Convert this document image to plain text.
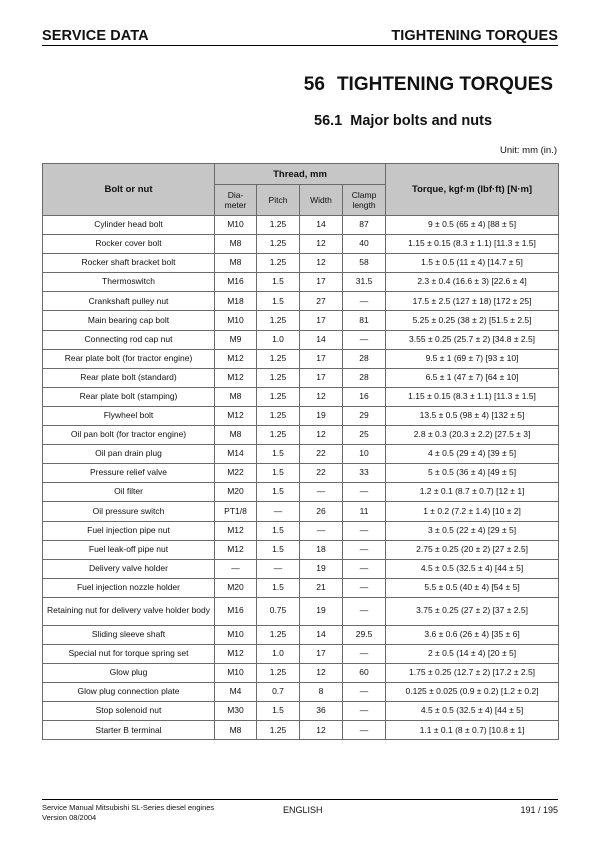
SERVICE DATA	TIGHTENING TORQUES
56 TIGHTENING TORQUES
56.1 Major bolts and nuts
Unit: mm (in.)
Bolt or nut	Thread, mm				Torque, kgf·m (lbf·ft) [N·m]
	Dia-
meter	Pitch	Width	Clamp
length	
Cylinder head bolt	M10	1.25	14	87	9 ± 0.5 (65 ± 4) [88 ± 5]
Rocker cover bolt	M8	1.25	12	40	1.15 ± 0.15 (8.3 ± 1.1) [11.3 ± 1.5]
Rocker shaft bracket bolt	M8	1.25	12	58	1.5 ± 0.5 (11 ± 4) [14.7 ± 5]
Thermoswitch	M16	1.5	17	31.5	2.3 ± 0.4 (16.6 ± 3) [22.6 ± 4]
Crankshaft pulley nut	M18	1.5	27	—	17.5 ± 2.5 (127 ± 18) [172 ± 25]
Main bearing cap bolt	M10	1.25	17	81	5.25 ± 0.25 (38 ± 2) [51.5 ± 2.5]
Connecting rod cap nut	M9	1.0	14	—	3.55 ± 0.25 (25.7 ± 2) [34.8 ± 2.5]
Rear plate bolt (for tractor engine)	M12	1.25	17	28	9.5 ± 1 (69 ± 7) [93 ± 10]
Rear plate bolt (standard)	M12	1.25	17	28	6.5 ± 1 (47 ± 7) [64 ± 10]
Rear plate bolt (stamping)	M8	1.25	12	16	1.15 ± 0.15 (8.3 ± 1.1) [11.3 ± 1.5]
Flywheel bolt	M12	1.25	19	29	13.5 ± 0.5 (98 ± 4) [132 ± 5]
Oil pan bolt (for tractor engine)	M8	1.25	12	25	2.8 ± 0.3 (20.3 ± 2.2) [27.5 ± 3]
Oil pan drain plug	M14	1.5	22	10	4 ± 0.5 (29 ± 4) [39 ± 5]
Pressure relief valve	M22	1.5	22	33	5 ± 0.5 (36 ± 4) [49 ± 5]
Oil filter	M20	1.5	—	—	1.2 ± 0.1 (8.7 ± 0.7) [12 ± 1]
Oil pressure switch	PT1/8	—	26	11	1 ± 0.2 (7.2 ± 1.4) [10 ± 2]
Fuel injection pipe nut	M12	1.5	—	—	3 ± 0.5 (22 ± 4) [29 ± 5]
Fuel leak-off pipe nut	M12	1.5	18	—	2.75 ± 0.25 (20 ± 2) [27 ± 2.5]
Delivery valve holder	—	—	19	—	4.5 ± 0.5 (32.5 ± 4) [44 ± 5]
Fuel injection nozzle holder	M20	1.5	21	—	5.5 ± 0.5 (40 ± 4) [54 ± 5]
Retaining nut for delivery valve holder body	M16	0.75	19	—	3.75 ± 0.25 (27 ± 2) [37 ± 2.5]
Sliding sleeve shaft	M10	1.25	14	29.5	3.6 ± 0.6 (26 ± 4) [35 ± 6]
Special nut for torque spring set	M12	1.0	17	—	2 ± 0.5 (14 ± 4) [20 ± 5]
Glow plug	M10	1.25	12	60	1.75 ± 0.25 (12.7 ± 2) [17.2 ± 2.5]
Glow plug connection plate	M4	0.7	8	—	0.125 ± 0.025 (0.9 ± 0.2) [1.2 ± 0.2]
Stop solenoid nut	M30	1.5	36	—	4.5 ± 0.5 (32.5 ± 4) [44 ± 5]
Starter B terminal	M8	1.25	12	—	1.1 ± 0.1 (8 ± 0.7) [10.8 ± 1]
Service Manual Mitsubishi SL-Series diesel engines
Version 08/2004
ENGLISH	191 / 195
